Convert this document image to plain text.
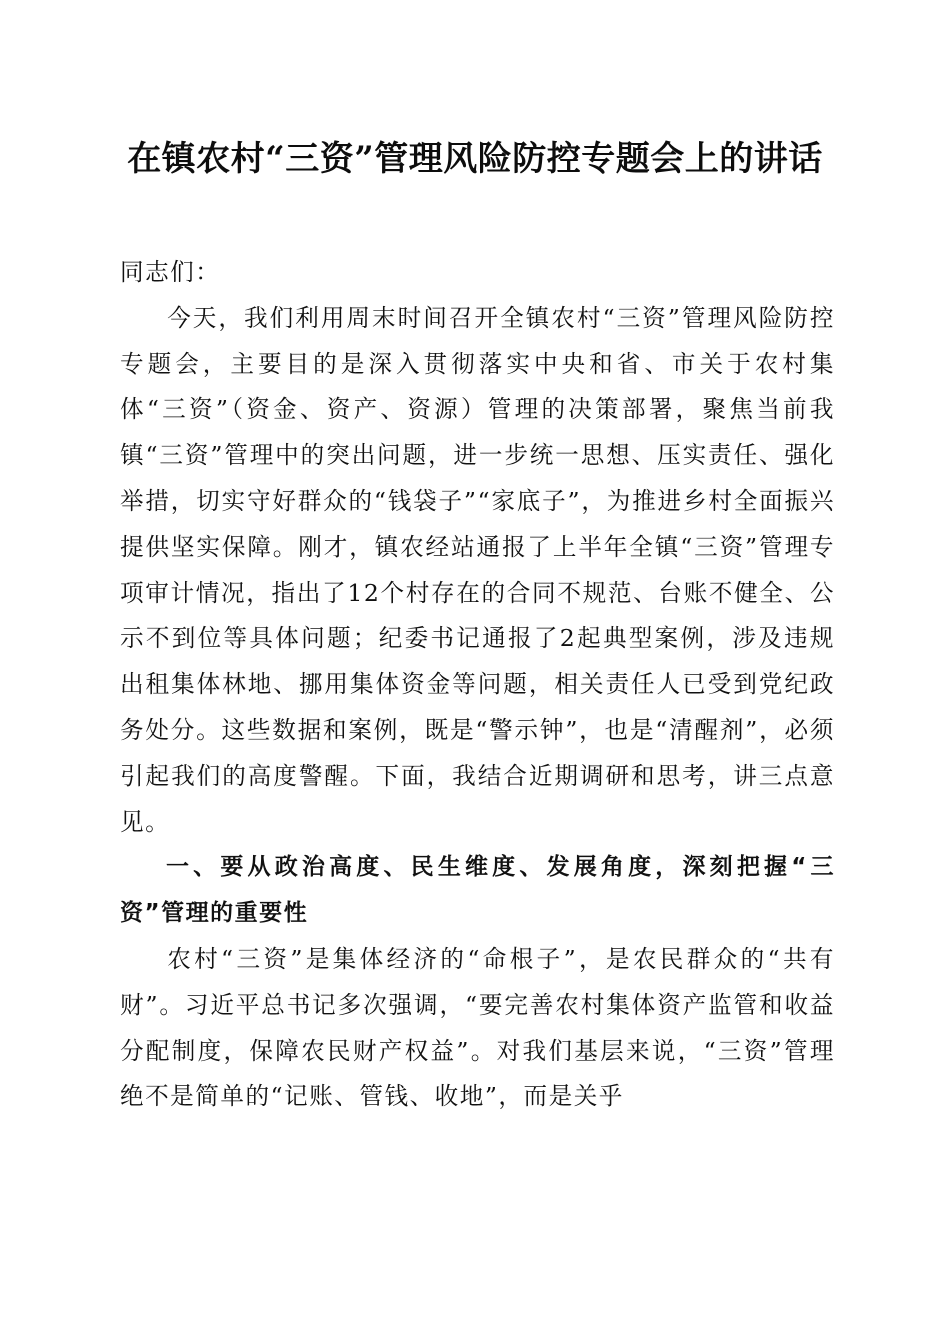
在镇农村“三资”管理风险防控专题会上的讲话

同志们：

今天，我们利用周末时间召开全镇农村“三资”管理风险防控专题会，主要目的是深入贯彻落实中央和省、市关于农村集体“三资”（资金、资产、资源）管理的决策部署，聚焦当前我镇“三资”管理中的突出问题，进一步统一思想、压实责任、强化举措，切实守好群众的“钱袋子”“家底子”，为推进乡村全面振兴提供坚实保障。刚才，镇农经站通报了上半年全镇“三资”管理专项审计情况，指出了12个村存在的合同不规范、台账不健全、公示不到位等具体问题；纪委书记通报了2起典型案例，涉及违规出租集体林地、挪用集体资金等问题，相关责任人已受到党纪政务处分。这些数据和案例，既是“警示钟”，也是“清醒剂”，必须引起我们的高度警醒。下面，我结合近期调研和思考，讲三点意见。

一、要从政治高度、民生维度、发展角度，深刻把握“三资”管理的重要性

农村“三资”是集体经济的“命根子”，是农民群众的“共有财”。习近平总书记多次强调，“要完善农村集体资产监管和收益分配制度，保障农民财产权益”。对我们基层来说，“三资”管理绝不是简单的“记账、管钱、收地”，而是关乎
